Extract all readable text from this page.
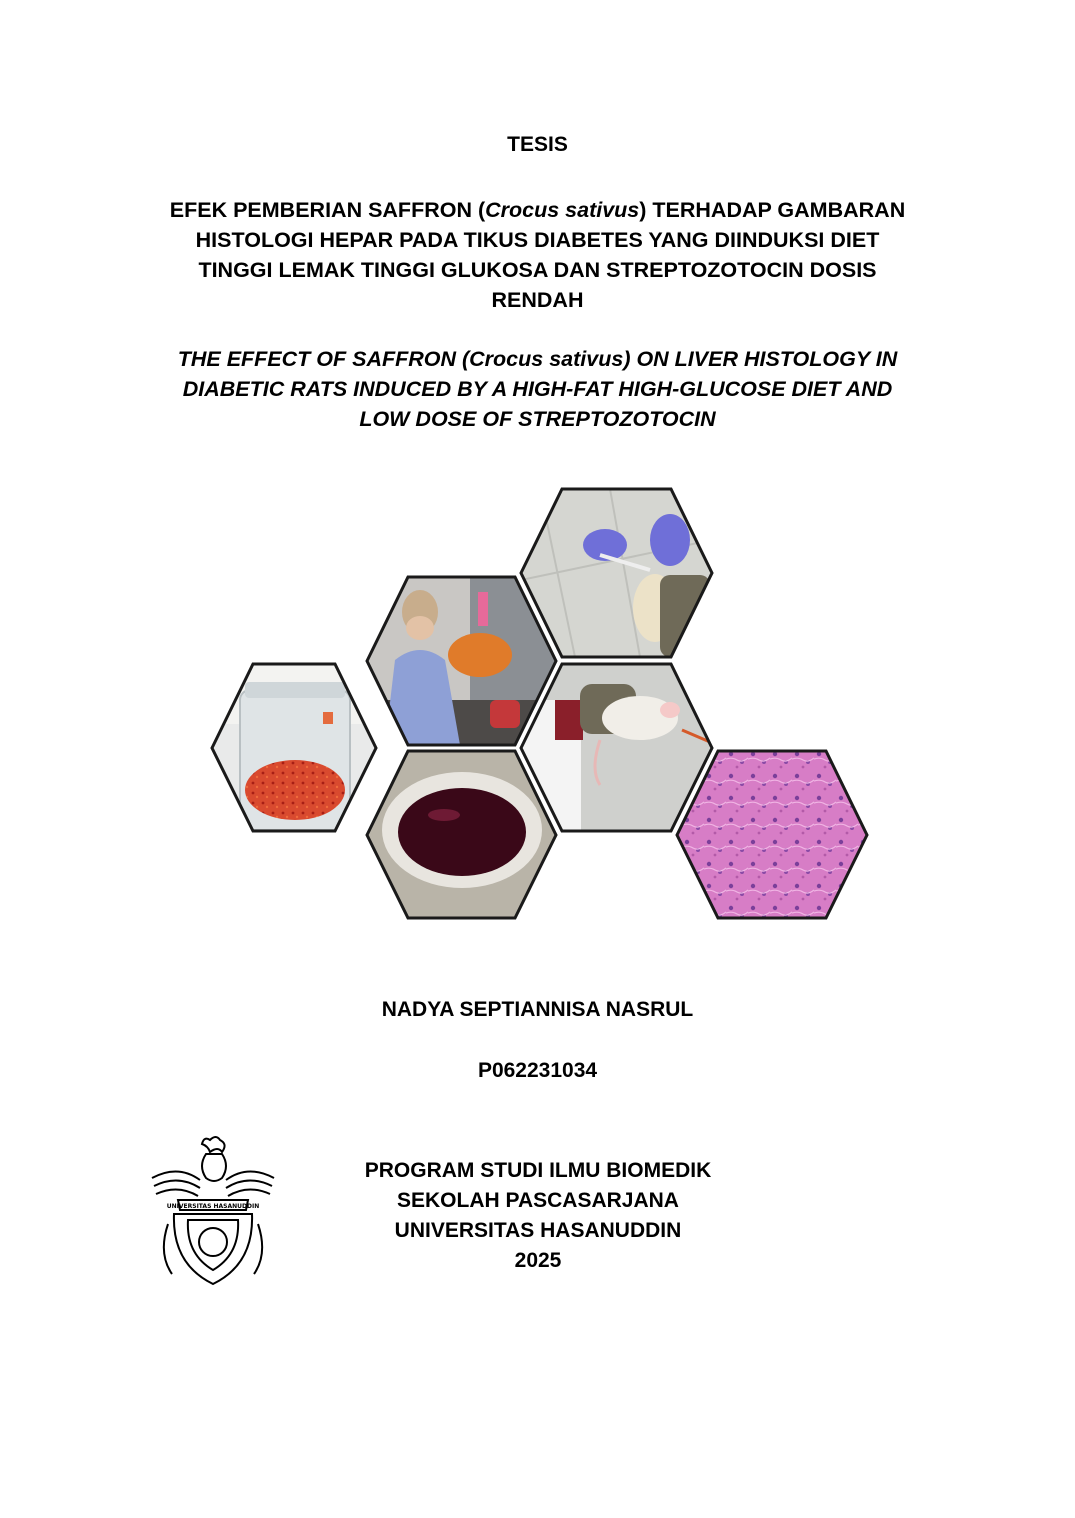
TESIS
EFEK PEMBERIAN SAFFRON (Crocus sativus) TERHADAP GAMBARAN
HISTOLOGI HEPAR PADA TIKUS DIABETES YANG DIINDUKSI DIET
TINGGI LEMAK TINGGI GLUKOSA DAN STREPTOZOTOCIN DOSIS
RENDAH
THE EFFECT OF SAFFRON (Crocus sativus) ON LIVER HISTOLOGY IN
DIABETIC RATS INDUCED BY A HIGH-FAT HIGH-GLUCOSE DIET AND
LOW DOSE OF STREPTOZOTOCIN
NADYA SEPTIANNISA NASRUL
P062231034
UNIVERSITAS HASANUDDIN
PROGRAM STUDI ILMU BIOMEDIK
SEKOLAH PASCASARJANA
UNIVERSITAS HASANUDDIN
2025
